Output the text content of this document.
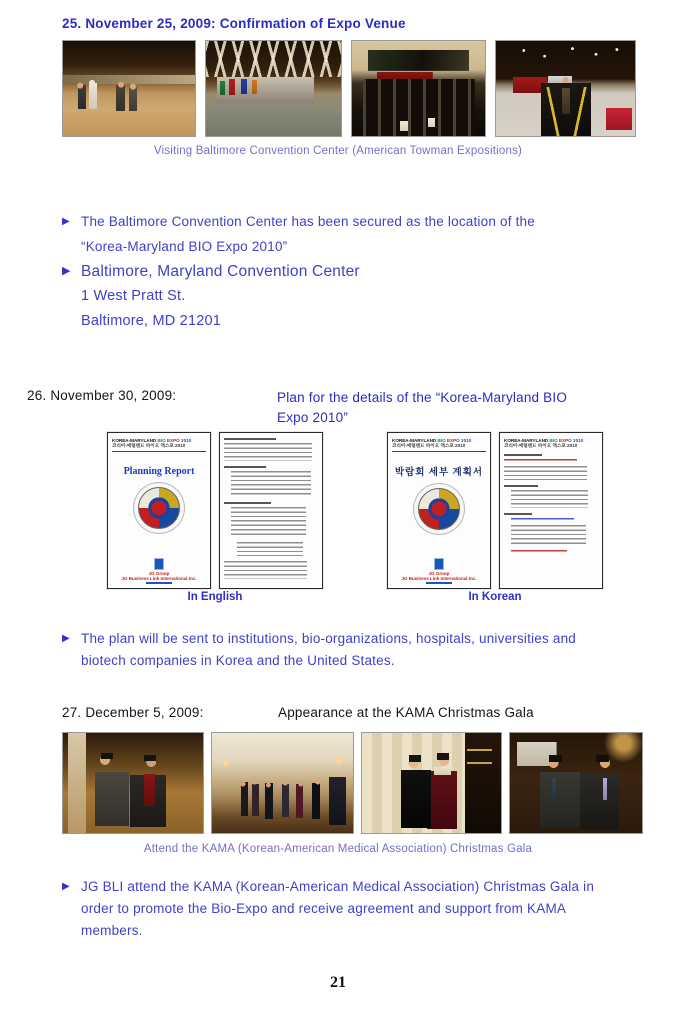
25. November 25, 2009: Confirmation of Expo Venue
Visiting Baltimore Convention Center (American Towman Expositions)
▶ The Baltimore Convention Center has been secured as the location of the
“Korea-Maryland BIO Expo 2010”
▶ Baltimore, Maryland Convention Center
1 West Pratt St.
Baltimore, MD 21201
26. November 30, 2009:	Plan for the details of the “Korea-Maryland BIO
Expo 2010”
KOREA-MARYLAND BIO EXPO 2010
코리아-메릴랜드 바이오 엑스포 2010
Planning Report
JG Group
JG Business Link International Inc.
KOREA-MARYLAND BIO EXPO 2010
코리아-메릴랜드 바이오 엑스포 2010
박람회 세부 계획서
JG Group
JG Business Link International Inc.
KOREA-MARYLAND BIO EXPO 2010
코리아-메릴랜드 바이오 엑스포 2010
In English	In Korean
▶ The plan will be sent to institutions, bio-organizations, hospitals, universities and
biotech companies in Korea and the United States.
27. December 5, 2009:	Appearance at the KAMA Christmas Gala
Attend the KAMA (Korean-American Medical Association) Christmas Gala
▶ JG BLI attend the KAMA (Korean-American Medical Association) Christmas Gala in
order to promote the Bio-Expo and receive agreement and support from KAMA
members.
21
